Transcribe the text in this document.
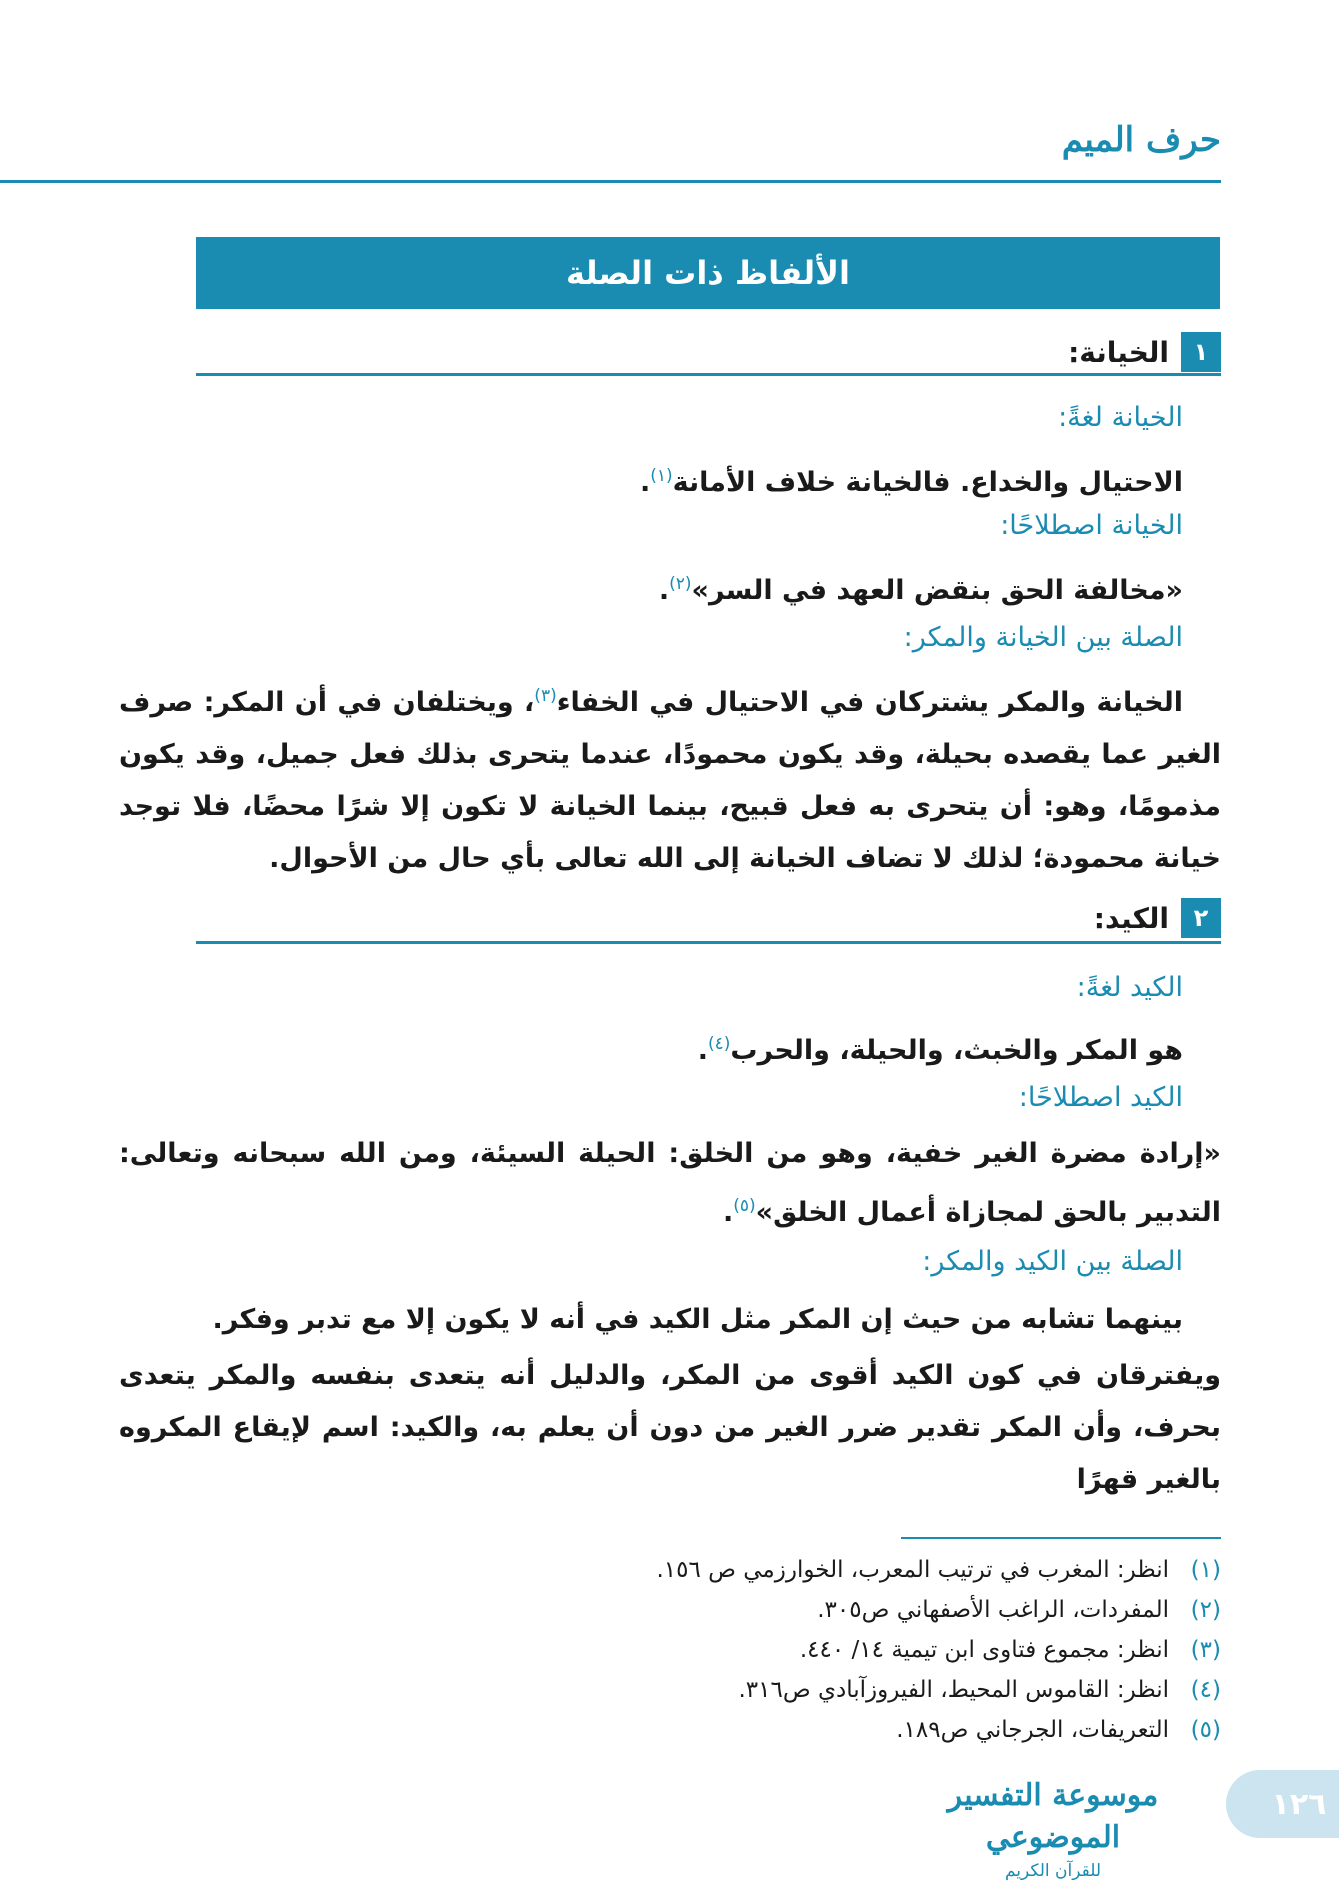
حرف الميم
الألفاظ ذات الصلة
١
الخيانة:
الخيانة لغةً:
الاحتيال والخداع. فالخيانة خلاف الأمانة$^{(١)}$.
الخيانة اصطلاحًا:
«مخالفة الحق بنقض العهد في السر»$^{(٢)}$.
الصلة بين الخيانة والمكر:
الخيانة والمكر يشتركان في الاحتيال في الخفاء$^{(٣)}$، ويختلفان في أن المكر: صرف الغير عما يقصده بحيلة، وقد يكون محمودًا، عندما يتحرى بذلك فعل جميل، وقد يكون مذمومًا، وهو: أن يتحرى به فعل قبيح، بينما الخيانة لا تكون إلا شرًا محضًا، فلا توجد خيانة محمودة؛ لذلك لا تضاف الخيانة إلى الله تعالى بأي حال من الأحوال.
٢
الكيد:
الكيد لغةً:
هو المكر والخبث، والحيلة، والحرب$^{(٤)}$.
الكيد اصطلاحًا:
«إرادة مضرة الغير خفية، وهو من الخلق: الحيلة السيئة، ومن الله سبحانه وتعالى: التدبير بالحق لمجازاة أعمال الخلق»$^{(٥)}$.
الصلة بين الكيد والمكر:
بينهما تشابه من حيث إن المكر مثل الكيد في أنه لا يكون إلا مع تدبر وفكر.
ويفترقان في كون الكيد أقوى من المكر، والدليل أنه يتعدى بنفسه والمكر يتعدى بحرف، وأن المكر تقدير ضرر الغير من دون أن يعلم به، والكيد: اسم لإيقاع المكروه بالغير قهرًا
(١)
انظر: المغرب في ترتيب المعرب، الخوارزمي ص ١٥٦.
(٢)
المفردات، الراغب الأصفهاني ص٣٠٥.
(٣)
انظر: مجموع فتاوى ابن تيمية ١٤/ ٤٤٠.
(٤)
انظر: القاموس المحيط، الفيروزآبادي ص٣١٦.
(٥)
التعريفات، الجرجاني ص١٨٩.
موسوعة التفسير الموضوعي
للقرآن الكريم
١٢٦
